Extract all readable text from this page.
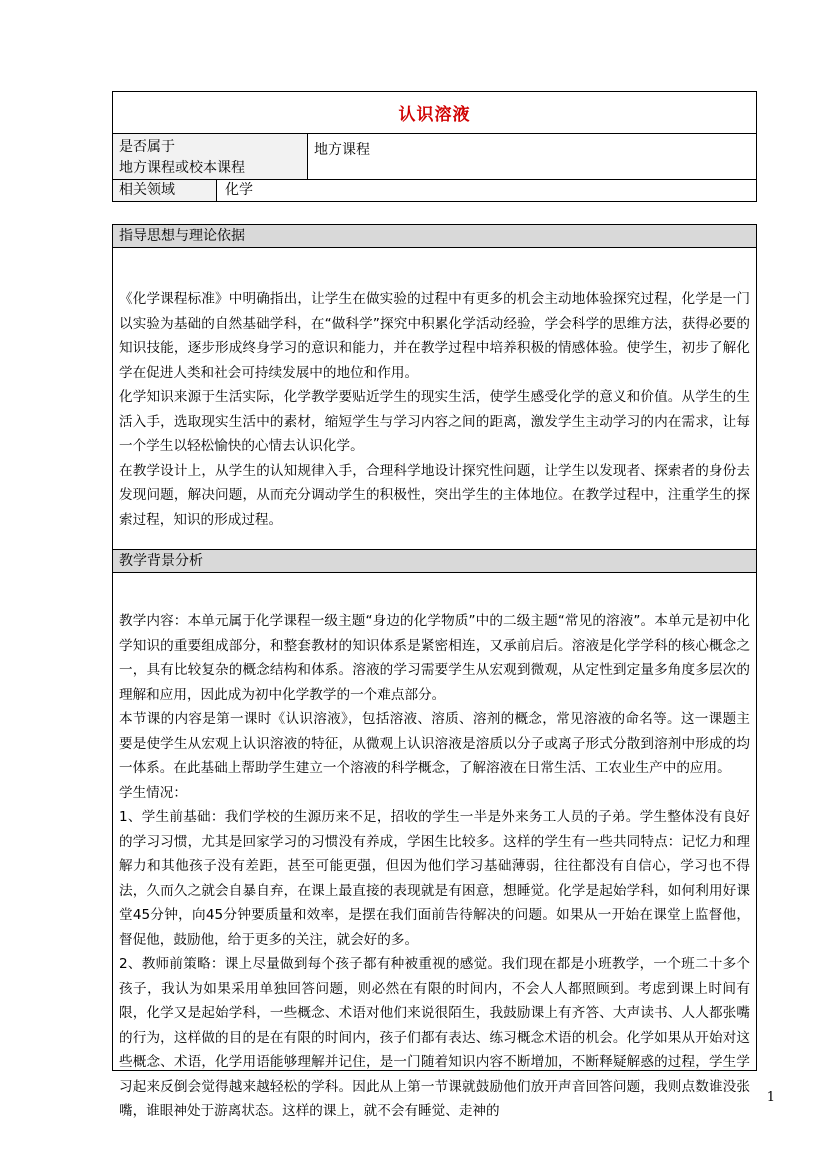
认识溶液
是否属于
地方课程或校本课程
地方课程
相关领域	化学
指导思想与理论依据

《化学课程标准》中明确指出，让学生在做实验的过程中有更多的机会主动地体验探究过程，化学是一门以实验为基础的自然基础学科，在“做科学”探究中积累化学活动经验，学会科学的思维方法，获得必要的知识技能，逐步形成终身学习的意识和能力，并在教学过程中培养积极的情感体验。使学生，初步了解化学在促进人类和社会可持续发展中的地位和作用。

化学知识来源于生活实际，化学教学要贴近学生的现实生活，使学生感受化学的意义和价值。从学生的生活入手，选取现实生活中的素材，缩短学生与学习内容之间的距离，激发学生主动学习的内在需求，让每一个学生以轻松愉快的心情去认识化学。

在教学设计上，从学生的认知规律入手，合理科学地设计探究性问题，让学生以发现者、探索者的身份去发现问题，解决问题，从而充分调动学生的积极性，突出学生的主体地位。在教学过程中，注重学生的探索过程，知识的形成过程。

教学背景分析

教学内容：本单元属于化学课程一级主题“身边的化学物质”中的二级主题“常见的溶液”。本单元是初中化学知识的重要组成部分，和整套教材的知识体系是紧密相连，又承前启后。溶液是化学学科的核心概念之一，具有比较复杂的概念结构和体系。溶液的学习需要学生从宏观到微观，从定性到定量多角度多层次的理解和应用，因此成为初中化学教学的一个难点部分。

本节课的内容是第一课时《认识溶液》，包括溶液、溶质、溶剂的概念，常见溶液的命名等。这一课题主要是使学生从宏观上认识溶液的特征，从微观上认识溶液是溶质以分子或离子形式分散到溶剂中形成的均一体系。在此基础上帮助学生建立一个溶液的科学概念，了解溶液在日常生活、工农业生产中的应用。

学生情况：

1、学生前基础：我们学校的生源历来不足，招收的学生一半是外来务工人员的子弟。学生整体没有良好的学习习惯，尤其是回家学习的习惯没有养成，学困生比较多。这样的学生有一些共同特点：记忆力和理解力和其他孩子没有差距，甚至可能更强，但因为他们学习基础薄弱，往往都没有自信心，学习也不得法，久而久之就会自暴自弃，在课上最直接的表现就是有困意，想睡觉。化学是起始学科，如何利用好课堂45分钟，向45分钟要质量和效率，是摆在我们面前告待解决的问题。如果从一开始在课堂上监督他，督促他，鼓励他，给于更多的关注，就会好的多。

2、教师前策略：课上尽量做到每个孩子都有种被重视的感觉。我们现在都是小班教学，一个班二十多个孩子，我认为如果采用单独回答问题，则必然在有限的时间内，不会人人都照顾到。考虑到课上时间有限，化学又是起始学科，一些概念、术语对他们来说很陌生，我鼓励课上有齐答、大声读书、人人都张嘴的行为，这样做的目的是在有限的时间内，孩子们都有表达、练习概念术语的机会。化学如果从开始对这些概念、术语，化学用语能够理解并记住，是一门随着知识内容不断增加，不断释疑解惑的过程，学生学习起来反倒会觉得越来越轻松的学科。因此从上第一节课就鼓励他们放开声音回答问题，我则点数谁没张嘴，谁眼神处于游离状态。这样的课上，就不会有睡觉、走神的

1
